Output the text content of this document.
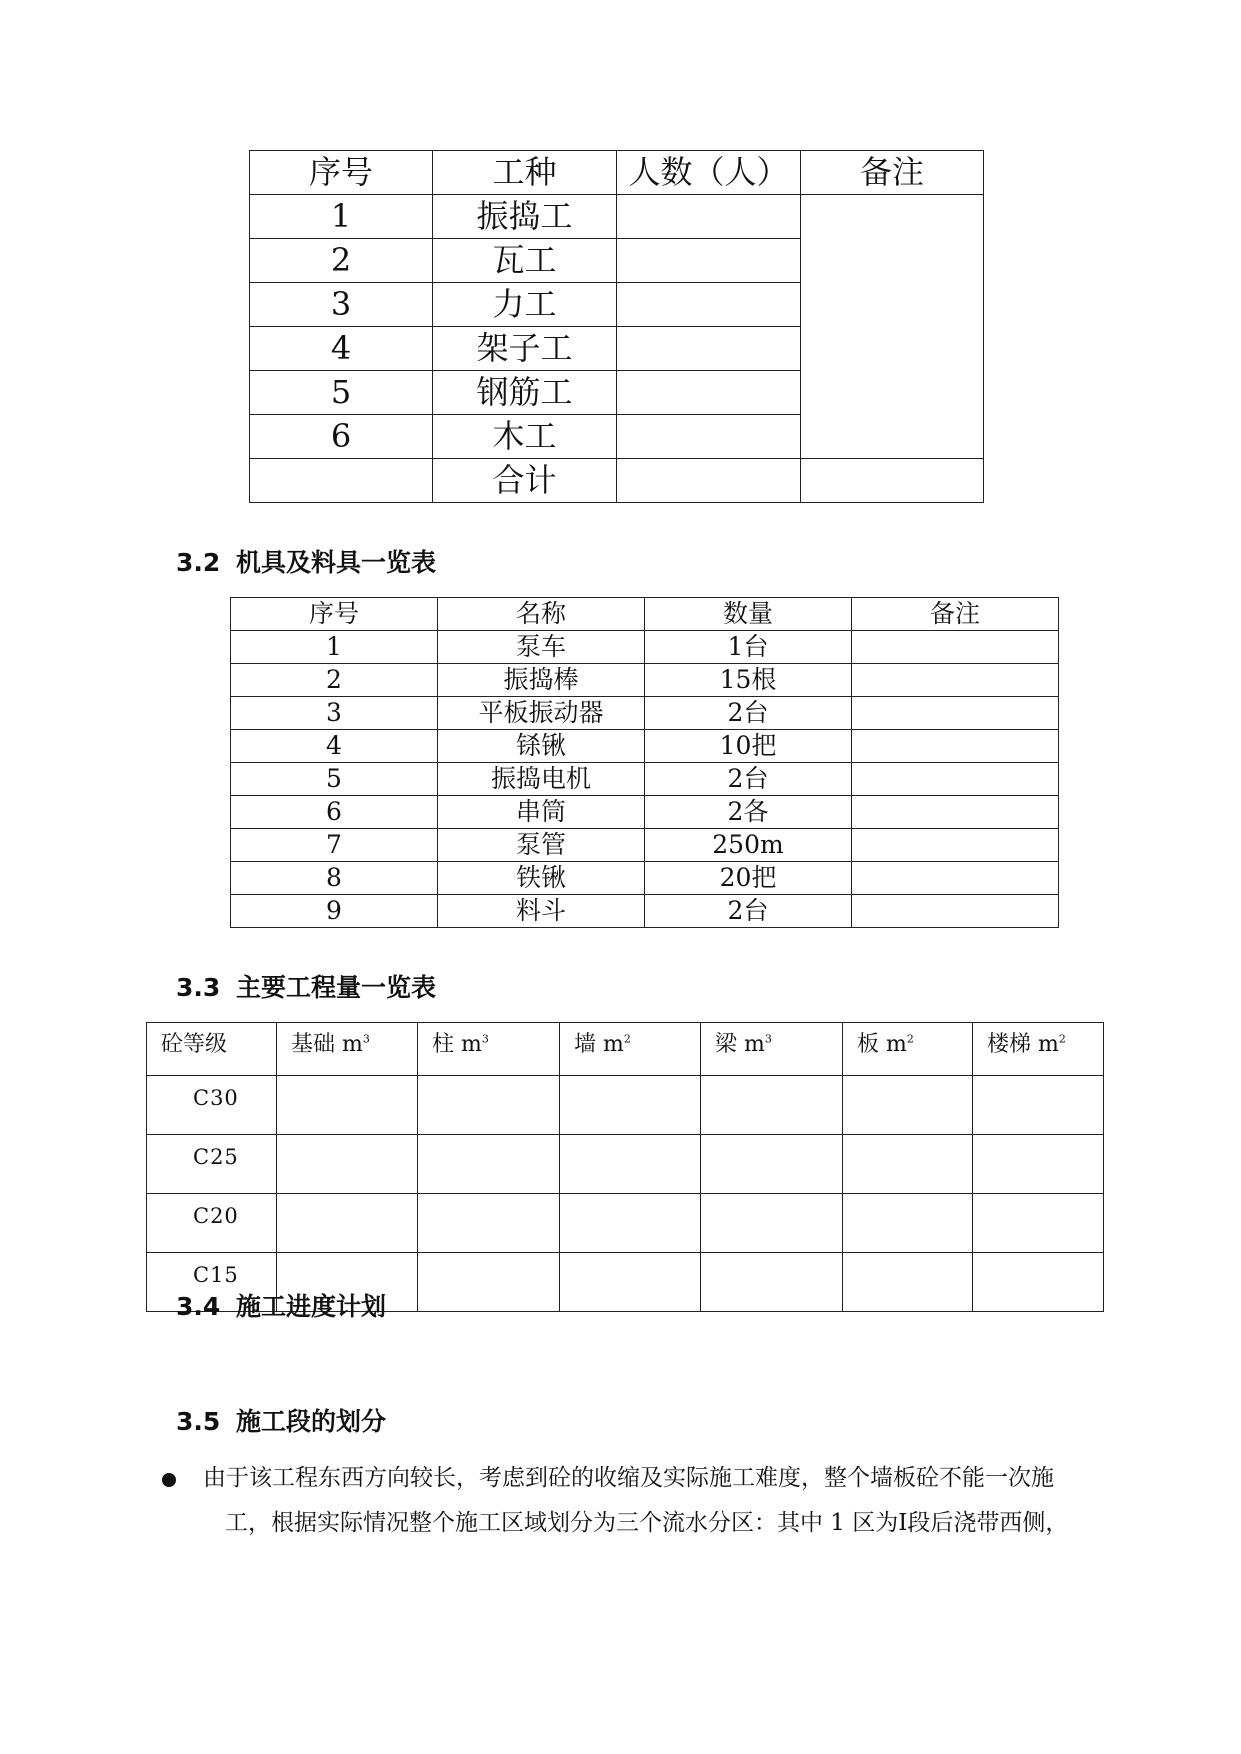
序号	工种	人数（人）	备注
1	振捣工		
2	瓦工		
3	力工		
4	架子工		
5	钢筋工		
6	木工		
	合计		
3.2 机具及料具一览表
序号	名称	数量	备注
1	泵车	1台	
2	振捣棒	15根	
3	平板振动器	2台	
4	铩锹	10把	
5	振捣电机	2台	
6	串筒	2各	
7	泵管	250m	
8	铁锹	20把	
9	料斗	2台	
3.3 主要工程量一览表
砼等级	基础 $m^3$	柱 $m^3$	墙 $m^2$	梁 $m^3$	板 $m^2$	楼梯 $m^2$
C30						
C25						
C20						
C15						
3.4 施工进度计划
3.5 施工段的划分
由于该工程东西方向较长，考虑到砼的收缩及实际施工难度，整个墙板砼不能一次施
工，根据实际情况整个施工区域划分为三个流水分区：其中 1 区为Ⅰ段后浇带西侧，
